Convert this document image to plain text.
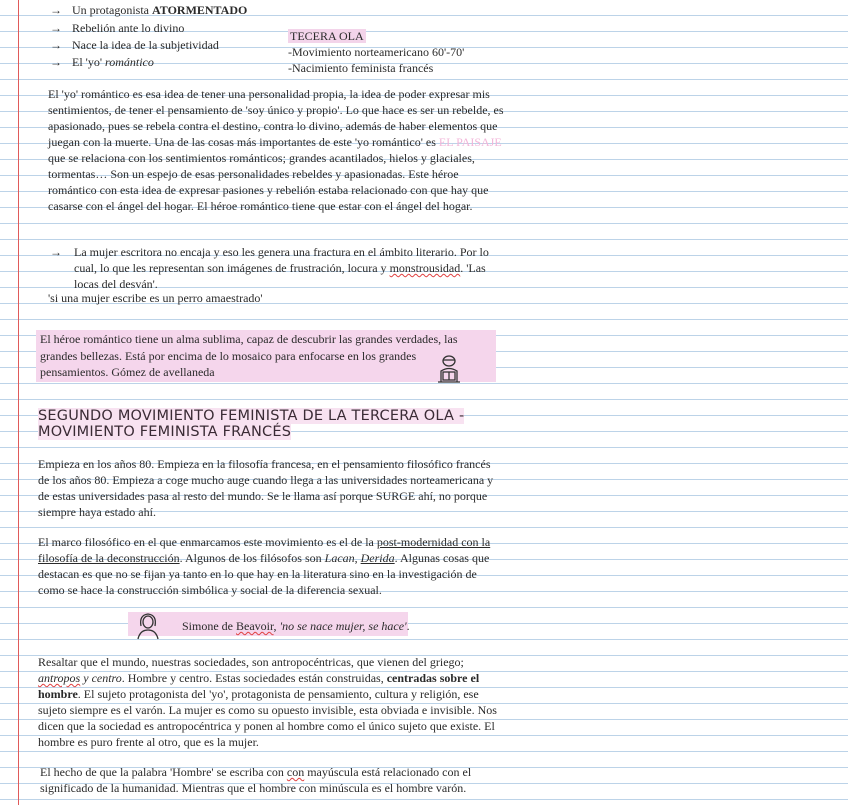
→ Un protagonista ATORMENTADO
→ Rebelión ante lo divino
→ Nace la idea de la subjetividad
→ El 'yo' romántico
TECERA OLA
-Movimiento norteamericano 60'-70'
-Nacimiento feminista francés
El 'yo' romántico es esa idea de tener una personalidad propia, la idea de poder expresar mis sentimientos, de tener el pensamiento de 'soy único y propio'. Lo que hace es ser un rebelde, es apasionado, pues se rebela contra el destino, contra lo divino, además de haber elementos que juegan con la muerte. Una de las cosas más importantes de este 'yo romántico' es EL PAISAJE que se relaciona con los sentimientos románticos; grandes acantilados, hielos y glaciales, tormentas… Son un espejo de esas personalidades rebeldes y apasionadas. Este héroe romántico con esta idea de expresar pasiones y rebelión estaba relacionado con que hay que casarse con el ángel del hogar. El héroe romántico tiene que estar con el ángel del hogar.
→	La mujer escritora no encaja y eso les genera una fractura en el ámbito literario. Por lo cual, lo que les representan son imágenes de frustración, locura y monstrousidad. 'Las locas del desván'.
'si una mujer escribe es un perro amaestrado'
El héroe romántico tiene un alma sublima, capaz de descubrir las grandes verdades, las grandes bellezas. Está por encima de lo mosaico para enfocarse en los grandes pensamientos. Gómez de avellaneda
SEGUNDO MOVIMIENTO FEMINISTA DE LA TERCERA OLA -
MOVIMIENTO FEMINISTA FRANCÉS
Empieza en los años 80. Empieza en la filosofía francesa, en el pensamiento filosófico francés de los años 80. Empieza a coge mucho auge cuando llega a las universidades norteamericana y de estas universidades pasa al resto del mundo. Se le llama así porque SURGE ahí, no porque siempre haya estado ahí.
El marco filosófico en el que enmarcamos este movimiento es el de la post-modernidad con la filosofía de la deconstrucción. Algunos de los filósofos son Lacan, Derida. Algunas cosas que destacan es que no se fijan ya tanto en lo que hay en la literatura sino en la investigación de como se hace la construcción simbólica y social de la diferencia sexual.
Simone de Beavoir, 'no se nace mujer, se hace'.
Resaltar que el mundo, nuestras sociedades, son antropocéntricas, que vienen del griego; antropos y centro. Hombre y centro. Estas sociedades están construidas, centradas sobre el hombre. El sujeto protagonista del 'yo', protagonista de pensamiento, cultura y religión, ese sujeto siempre es el varón. La mujer es como su opuesto invisible, esta obviada e invisible. Nos dicen que la sociedad es antropocéntrica y ponen al hombre como el único sujeto que existe. El hombre es puro frente al otro, que es la mujer.
El hecho de que la palabra 'Hombre' se escriba con con mayúscula está relacionado con el significado de la humanidad. Mientras que el hombre con minúscula es el hombre varón.
